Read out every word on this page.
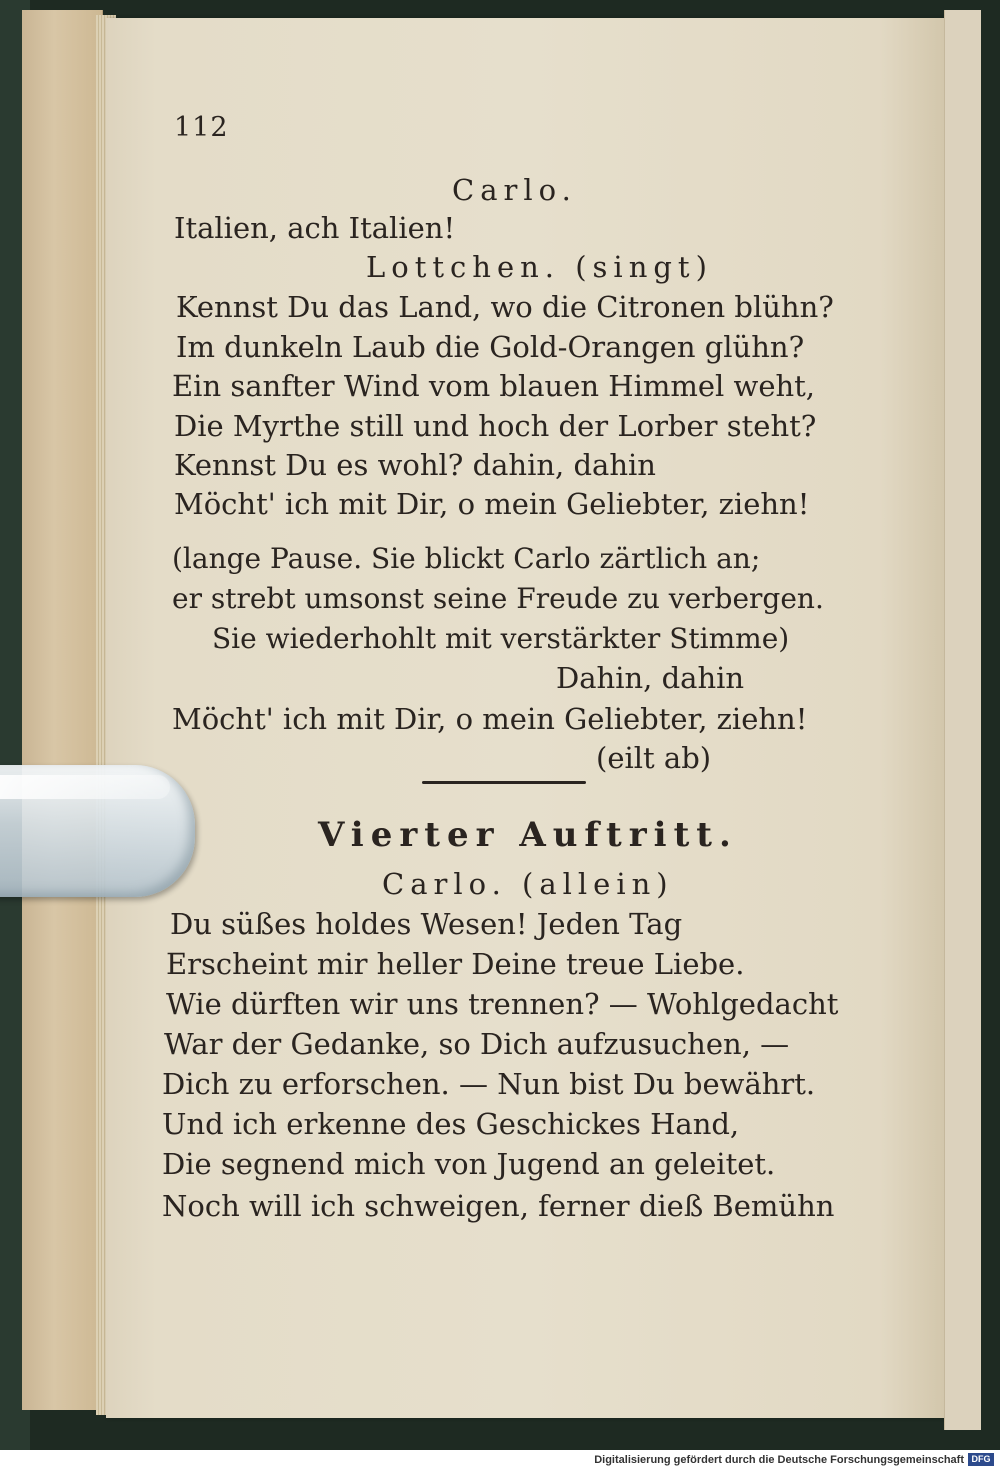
112
Carlo.
Italien, ach Italien!
Lottchen. (singt)
Kennst Du das Land, wo die Citronen blühn?
Im dunkeln Laub die Gold-Orangen glühn?
Ein sanfter Wind vom blauen Himmel weht,
Die Myrthe still und hoch der Lorber steht?
Kennst Du es wohl? dahin, dahin
Möcht' ich mit Dir, o mein Geliebter, ziehn!
(lange Pause. Sie blickt Carlo zärtlich an;
er strebt umsonst seine Freude zu verbergen.
Sie wiederhohlt mit verstärkter Stimme)
Dahin, dahin
Möcht' ich mit Dir, o mein Geliebter, ziehn!
(eilt ab)
Vierter Auftritt.
Carlo. (allein)
Du süßes holdes Wesen! Jeden Tag
Erscheint mir heller Deine treue Liebe.
Wie dürften wir uns trennen? — Wohlgedacht
War der Gedanke, so Dich aufzusuchen, —
Dich zu erforschen. — Nun bist Du bewährt.
Und ich erkenne des Geschickes Hand,
Die segnend mich von Jugend an geleitet.
Noch will ich schweigen, ferner dieß Bemühn
Digitalisierung gefördert durch die Deutsche Forschungsgemeinschaft DFG
